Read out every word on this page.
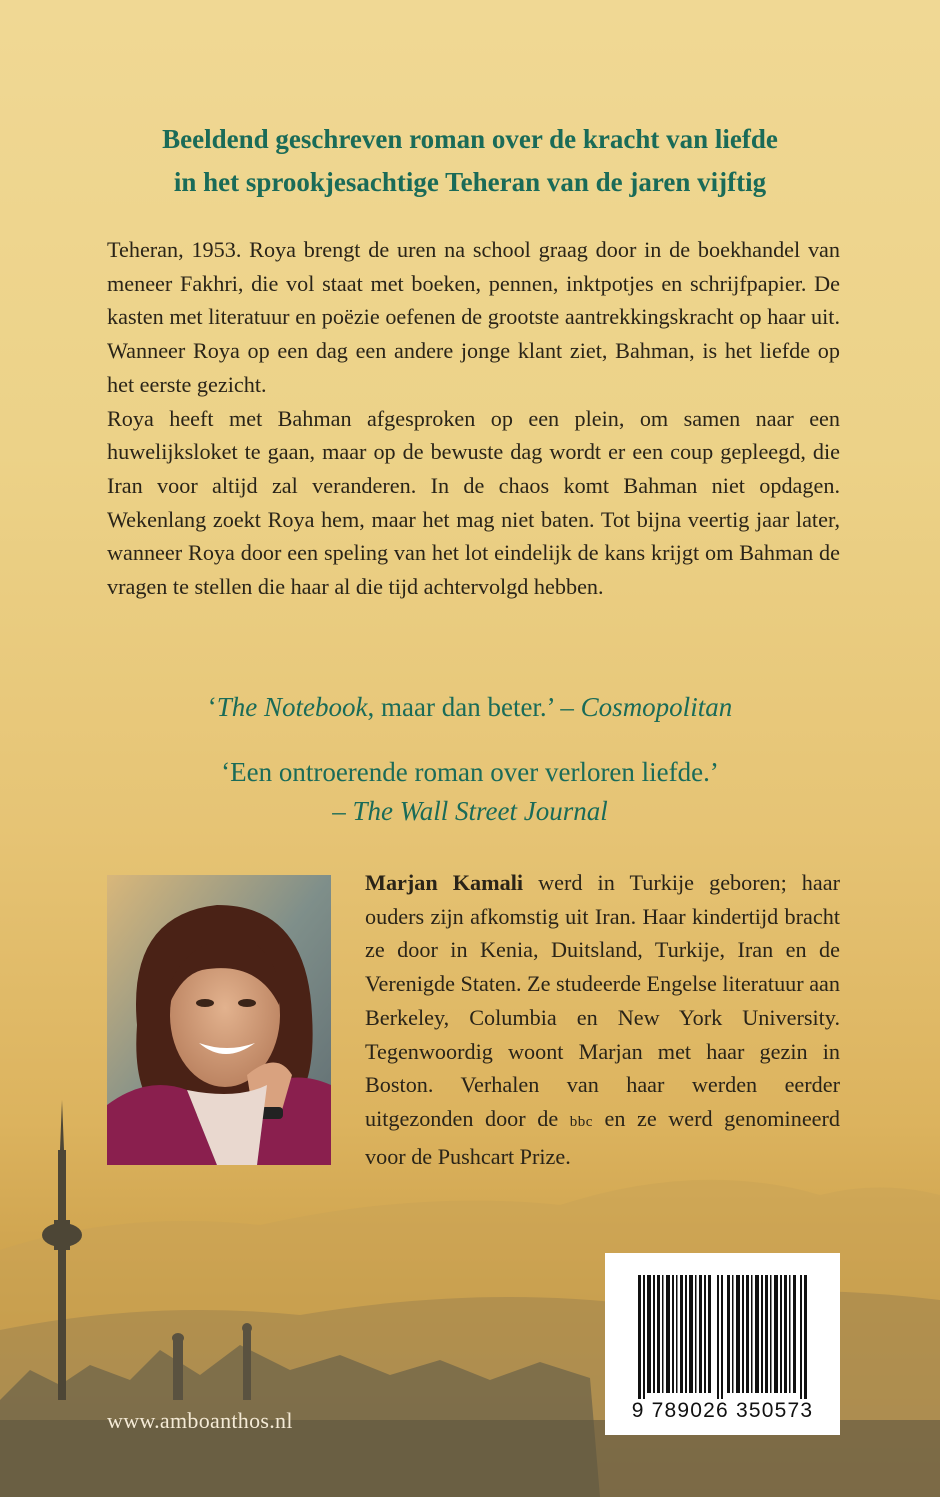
Beeldend geschreven roman over de kracht van liefde
in het sprookjesachtige Teheran van de jaren vijftig

Teheran, 1953. Roya brengt de uren na school graag door in de boekhandel van meneer Fakhri, die vol staat met boeken, pennen, inktpotjes en schrijfpapier. De kasten met literatuur en poëzie oefenen de grootste aantrekkingskracht op haar uit. Wanneer Roya op een dag een andere jonge klant ziet, Bahman, is het liefde op het eerste gezicht.

Roya heeft met Bahman afgesproken op een plein, om samen naar een huwelijksloket te gaan, maar op de bewuste dag wordt er een coup gepleegd, die Iran voor altijd zal veranderen. In de chaos komt Bahman niet opdagen. Wekenlang zoekt Roya hem, maar het mag niet baten. Tot bijna veertig jaar later, wanneer Roya door een speling van het lot eindelijk de kans krijgt om Bahman de vragen te stellen die haar al die tijd achtervolgd hebben.

‘The Notebook, maar dan beter.’ – Cosmopolitan
‘Een ontroerende roman over verloren liefde.’
– The Wall Street Journal

Marjan Kamali werd in Turkije geboren; haar ouders zijn afkomstig uit Iran. Haar kindertijd bracht ze door in Kenia, Duitsland, Turkije, Iran en de Verenigde Staten. Ze studeerde Engelse literatuur aan Berkeley, Columbia en New York University. Tegenwoordig woont Marjan met haar gezin in Boston. Verhalen van haar werden eerder uitgezonden door de bbc en ze werd genomineerd voor de Pushcart Prize.

9 789026 350573
www.amboanthos.nl
